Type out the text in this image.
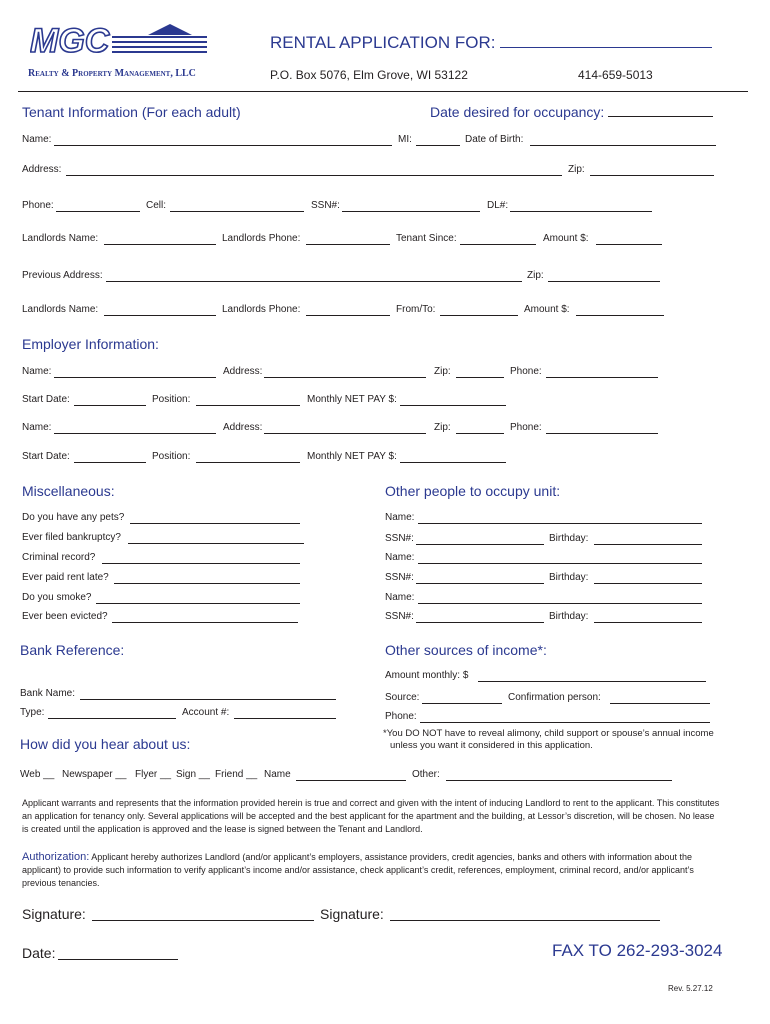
MGC
Realty & Property Management, LLC
RENTAL APPLICATION FOR:
P.O. Box 5076, Elm Grove, WI 53122	414-659-5013
Tenant Information (For each adult)	Date desired for occupancy:
Name:	MI:	Date of Birth:
Address:	Zip:
Phone:	Cell:	SSN#:	DL#:
Landlords Name:	Landlords Phone:	Tenant Since:	Amount $:
Previous Address:	Zip:
Landlords Name:	Landlords Phone:	From/To:	Amount $:
Employer Information:
Name:	Address:	Zip:	Phone:
Start Date:	Position:	Monthly NET PAY $:
Name:	Address:	Zip:	Phone:
Start Date:	Position:	Monthly NET PAY $:
Miscellaneous:	Other people to occupy unit:
Do you have any pets?
Ever filed bankruptcy?
Criminal record?
Ever paid rent late?
Do you smoke?
Ever been evicted?
Name:
SSN#:	Birthday:
Name:
SSN#:	Birthday:
Name:
SSN#:	Birthday:
Bank Reference:	Other sources of income*:
Amount monthly: $
Bank Name:	Source:	Confirmation person:
Type:	Account #:	Phone:
How did you hear about us:
*You DO NOT have to reveal alimony, child support or spouse’s annual income
unless you want it considered in this application.
Web __ Newspaper __ Flyer __ Sign __ Friend __ Name	Other:
Applicant warrants and represents that the information provided herein is true and correct and given with the intent of inducing Landlord to rent to the applicant. This constitutes an application for tenancy only. Several applications will be accepted and the best applicant for the apartment and the building, at Lessor’s discretion, will be chosen. No lease is created until the application is approved and the lease is signed between the Tenant and Landlord.
Authorization: Applicant hereby authorizes Landlord (and/or applicant’s employers, assistance providers, credit agencies, banks and others with information about the applicant) to provide such information to verify applicant’s income and/or assistance, check applicant’s credit, references, employment, criminal record, and/or applicant’s previous tenancies.
Signature:	Signature:
Date:	FAX TO 262-293-3024
Rev. 5.27.12
